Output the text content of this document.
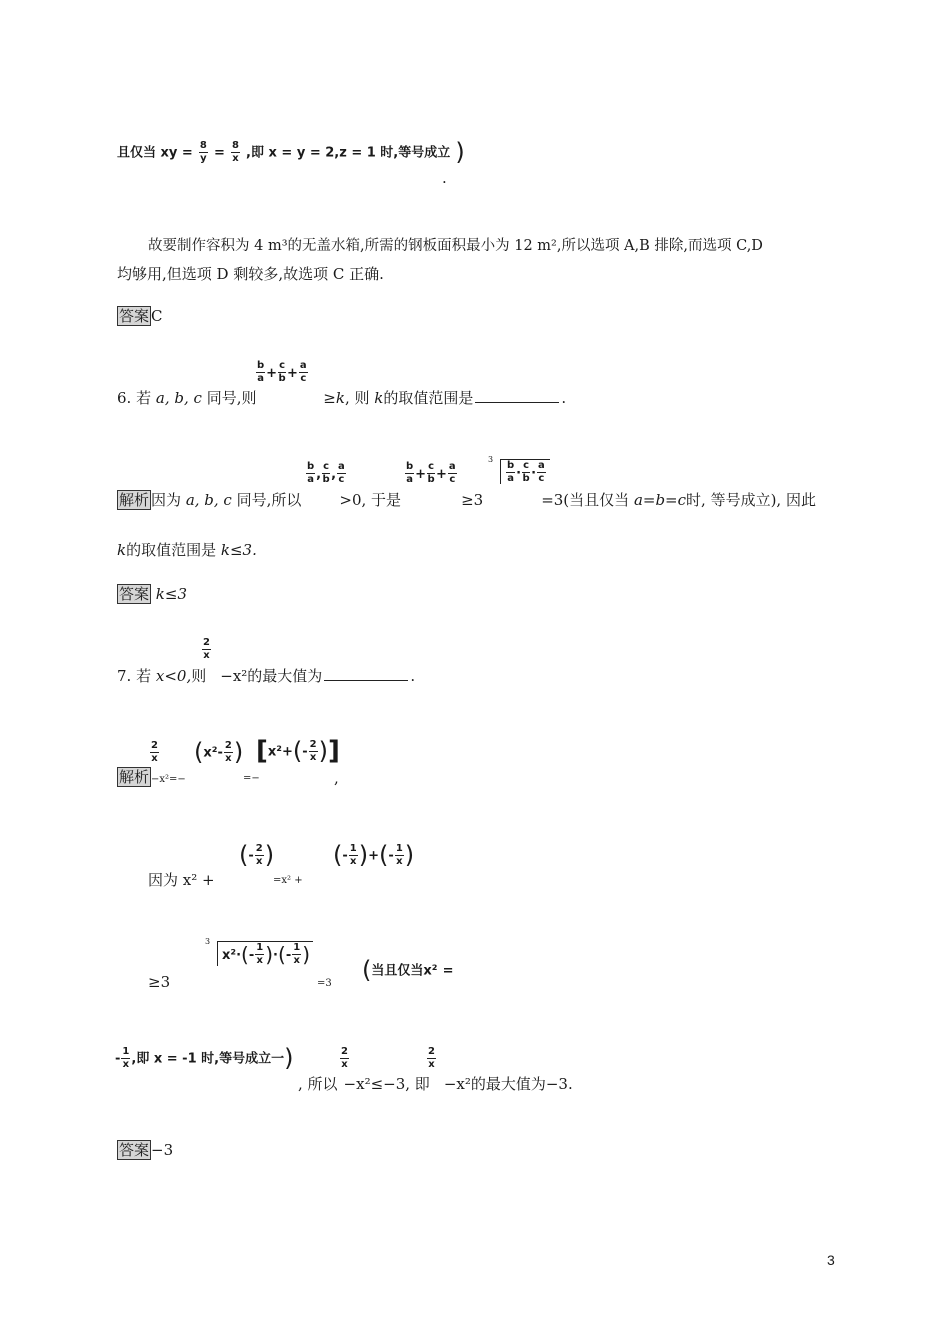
且仅当 xy = $\frac{8}{y} = \frac{8}{x}$ ,即 x = y = 2,z = 1 时,等号成立 )
.
故要制作容积为 4 m³的无盖水箱,所需的钢板面积最小为 12 m²,所以选项 A,B 排除,而选项 C,D
均够用,但选项 D 剩较多,故选项 C 正确.
答案 C
$\frac{b}{a} + \frac{c}{b} + \frac{a}{c}$
6. 若 a, b, c 同号,则	≥k, 则 k的取值范围是	.
$\frac{b}{a}$ , $\frac{c}{b}$ , $\frac{a}{c}$	$\frac{b}{a} + \frac{c}{b} + \frac{a}{c}$
3
$\frac{b}{a} \cdot \frac{c}{b} \cdot \frac{a}{c}$
解析 因为 a, b, c 同号,所以	>0, 于是	≥3	=3(当且仅当 a=b=c时, 等号成立), 因此
k的取值范围是 k≤3.
答案 k≤3
$\frac{2}{x}$
7. 若 x<0,则 −x²的最大值为	.
$\frac{2}{x} (x^2- \frac{2}{x}$ ) [$x^2+(- \frac{2}{x}$ )]
解析 −x²=−	=−	,
(- $\frac{2}{x}$ ) (- $\frac{1}{x}$ )+(- $\frac{1}{x}$ )
因为 x² +	=x² +
3
$x^2\cdot(- \frac{1}{x}$ )·(- $\frac{1}{x}$ )
≥3	=3 (当且仅当x² =
- $\frac{1}{x}$ ,即 x = -1 时,等号成立一)	$\frac{2}{x}$	$\frac{2}{x}$
, 所以 −x²≤−3, 即 −x²的最大值为−3.
答案 −3
3
